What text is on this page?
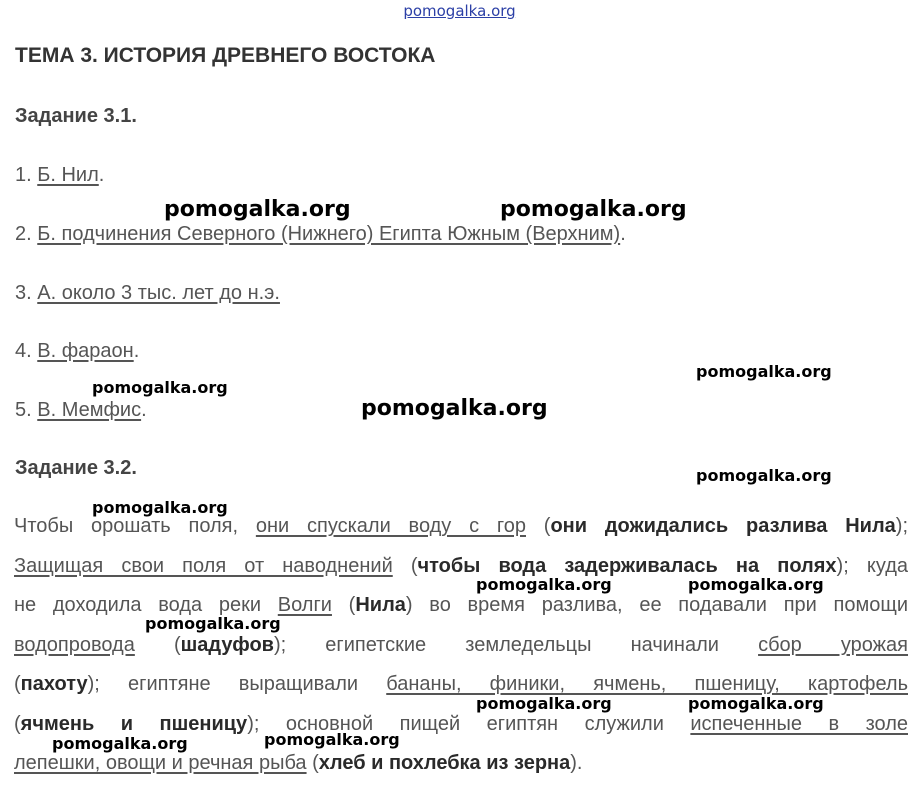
pomogalka.org
ТЕМА 3. ИСТОРИЯ ДРЕВНЕГО ВОСТОКА
Задание 3.1.
1. Б. Нил.
2. Б. подчинения Северного (Нижнего) Египта Южным (Верхним).
3. А. около 3 тыс. лет до н.э.
4. В. фараон.
5. В. Мемфис.
Задание 3.2.
Чтобы орошать поля, они спускали воду с гор (они дожидались разлива Нила);
Защищая свои поля от наводнений (чтобы вода задерживалась на полях); куда
не доходила вода реки Волги (Нила) во время разлива, ее подавали при помощи
водопровода (шадуфов); египетские земледельцы начинали сбор урожая
(пахоту); египтяне выращивали бананы, финики, ячмень, пшеницу, картофель
(ячмень и пшеницу); основной пищей египтян служили испеченные в золе
лепешки, овощи и речная рыба (хлеб и похлебка из зерна).
pomogalka.org	pomogalka.org
pomogalka.org
pomogalka.org
pomogalka.org
pomogalka.org
pomogalka.org
pomogalka.org	pomogalka.org
pomogalka.org
pomogalka.org	pomogalka.org
pomogalka.org	pomogalka.org
